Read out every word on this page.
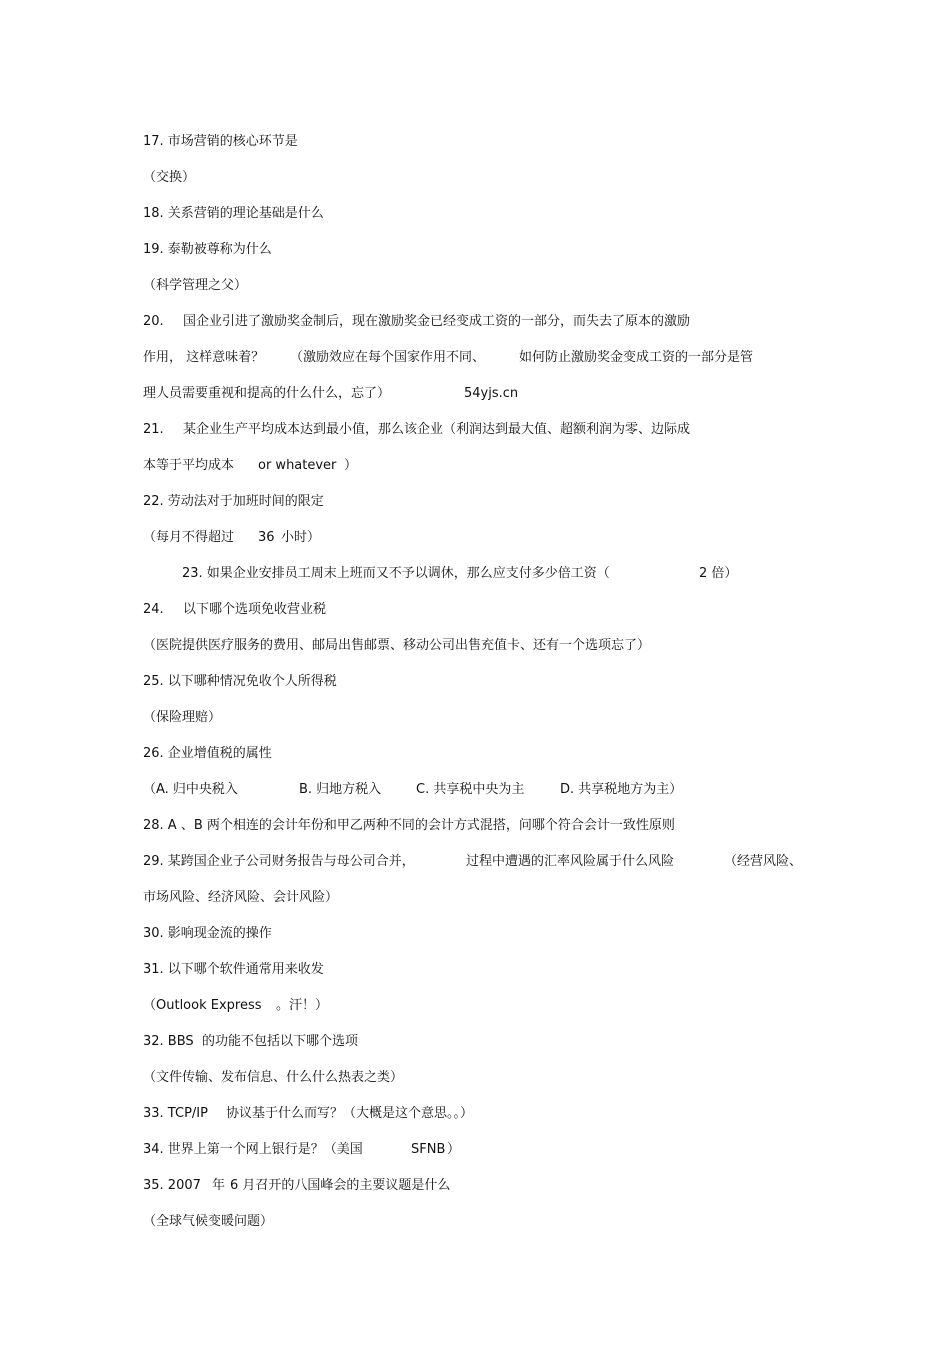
17. 市场营销的核心环节是
（交换）
18. 关系营销的理论基础是什么
19. 泰勒被尊称为什么
（科学管理之父）
20. 国企业引进了激励奖金制后，现在激励奖金已经变成工资的一部分，而失去了原本的激励
作用， 这样意味着？ （激励效应在每个国家作用不同、	如何防止激励奖金变成工资的一部分是管
理人员需要重视和提高的什么什么，忘了）	54yjs.cn
21. 某企业生产平均成本达到最小值，那么该企业（利润达到最大值、超额利润为零、边际成
本等于平均成本 or whatever ）
22. 劳动法对于加班时间的限定
（每月不得超过 36 小时）
23. 如果企业安排员工周末上班而又不予以调休，那么应支付多少倍工资（	2 倍）
24. 以下哪个选项免收营业税
（医院提供医疗服务的费用、邮局出售邮票、移动公司出售充值卡、还有一个选项忘了）
25. 以下哪种情况免收个人所得税
（保险理赔）
26. 企业增值税的属性
（A. 归中央税入	B. 归地方税入	C. 共享税中央为主	D. 共享税地方为主）
28. A 、B 两个相连的会计年份和甲乙两种不同的会计方式混搭，问哪个符合会计一致性原则
29. 某跨国企业子公司财务报告与母公司合并，	过程中遭遇的汇率风险属于什么风险	（经营风险、
市场风险、经济风险、会计风险）
30. 影响现金流的操作
31. 以下哪个软件通常用来收发
（Outlook Express 。汗！）
32. BBS 的功能不包括以下哪个选项
（文件传输、发布信息、什么什么热表之类）
33. TCP/IP 协议基于什么而写？（大概是这个意思。。）
34. 世界上第一个网上银行是？（美国	SFNB ）
35. 2007 年 6 月召开的八国峰会的主要议题是什么
（全球气候变暖问题）
